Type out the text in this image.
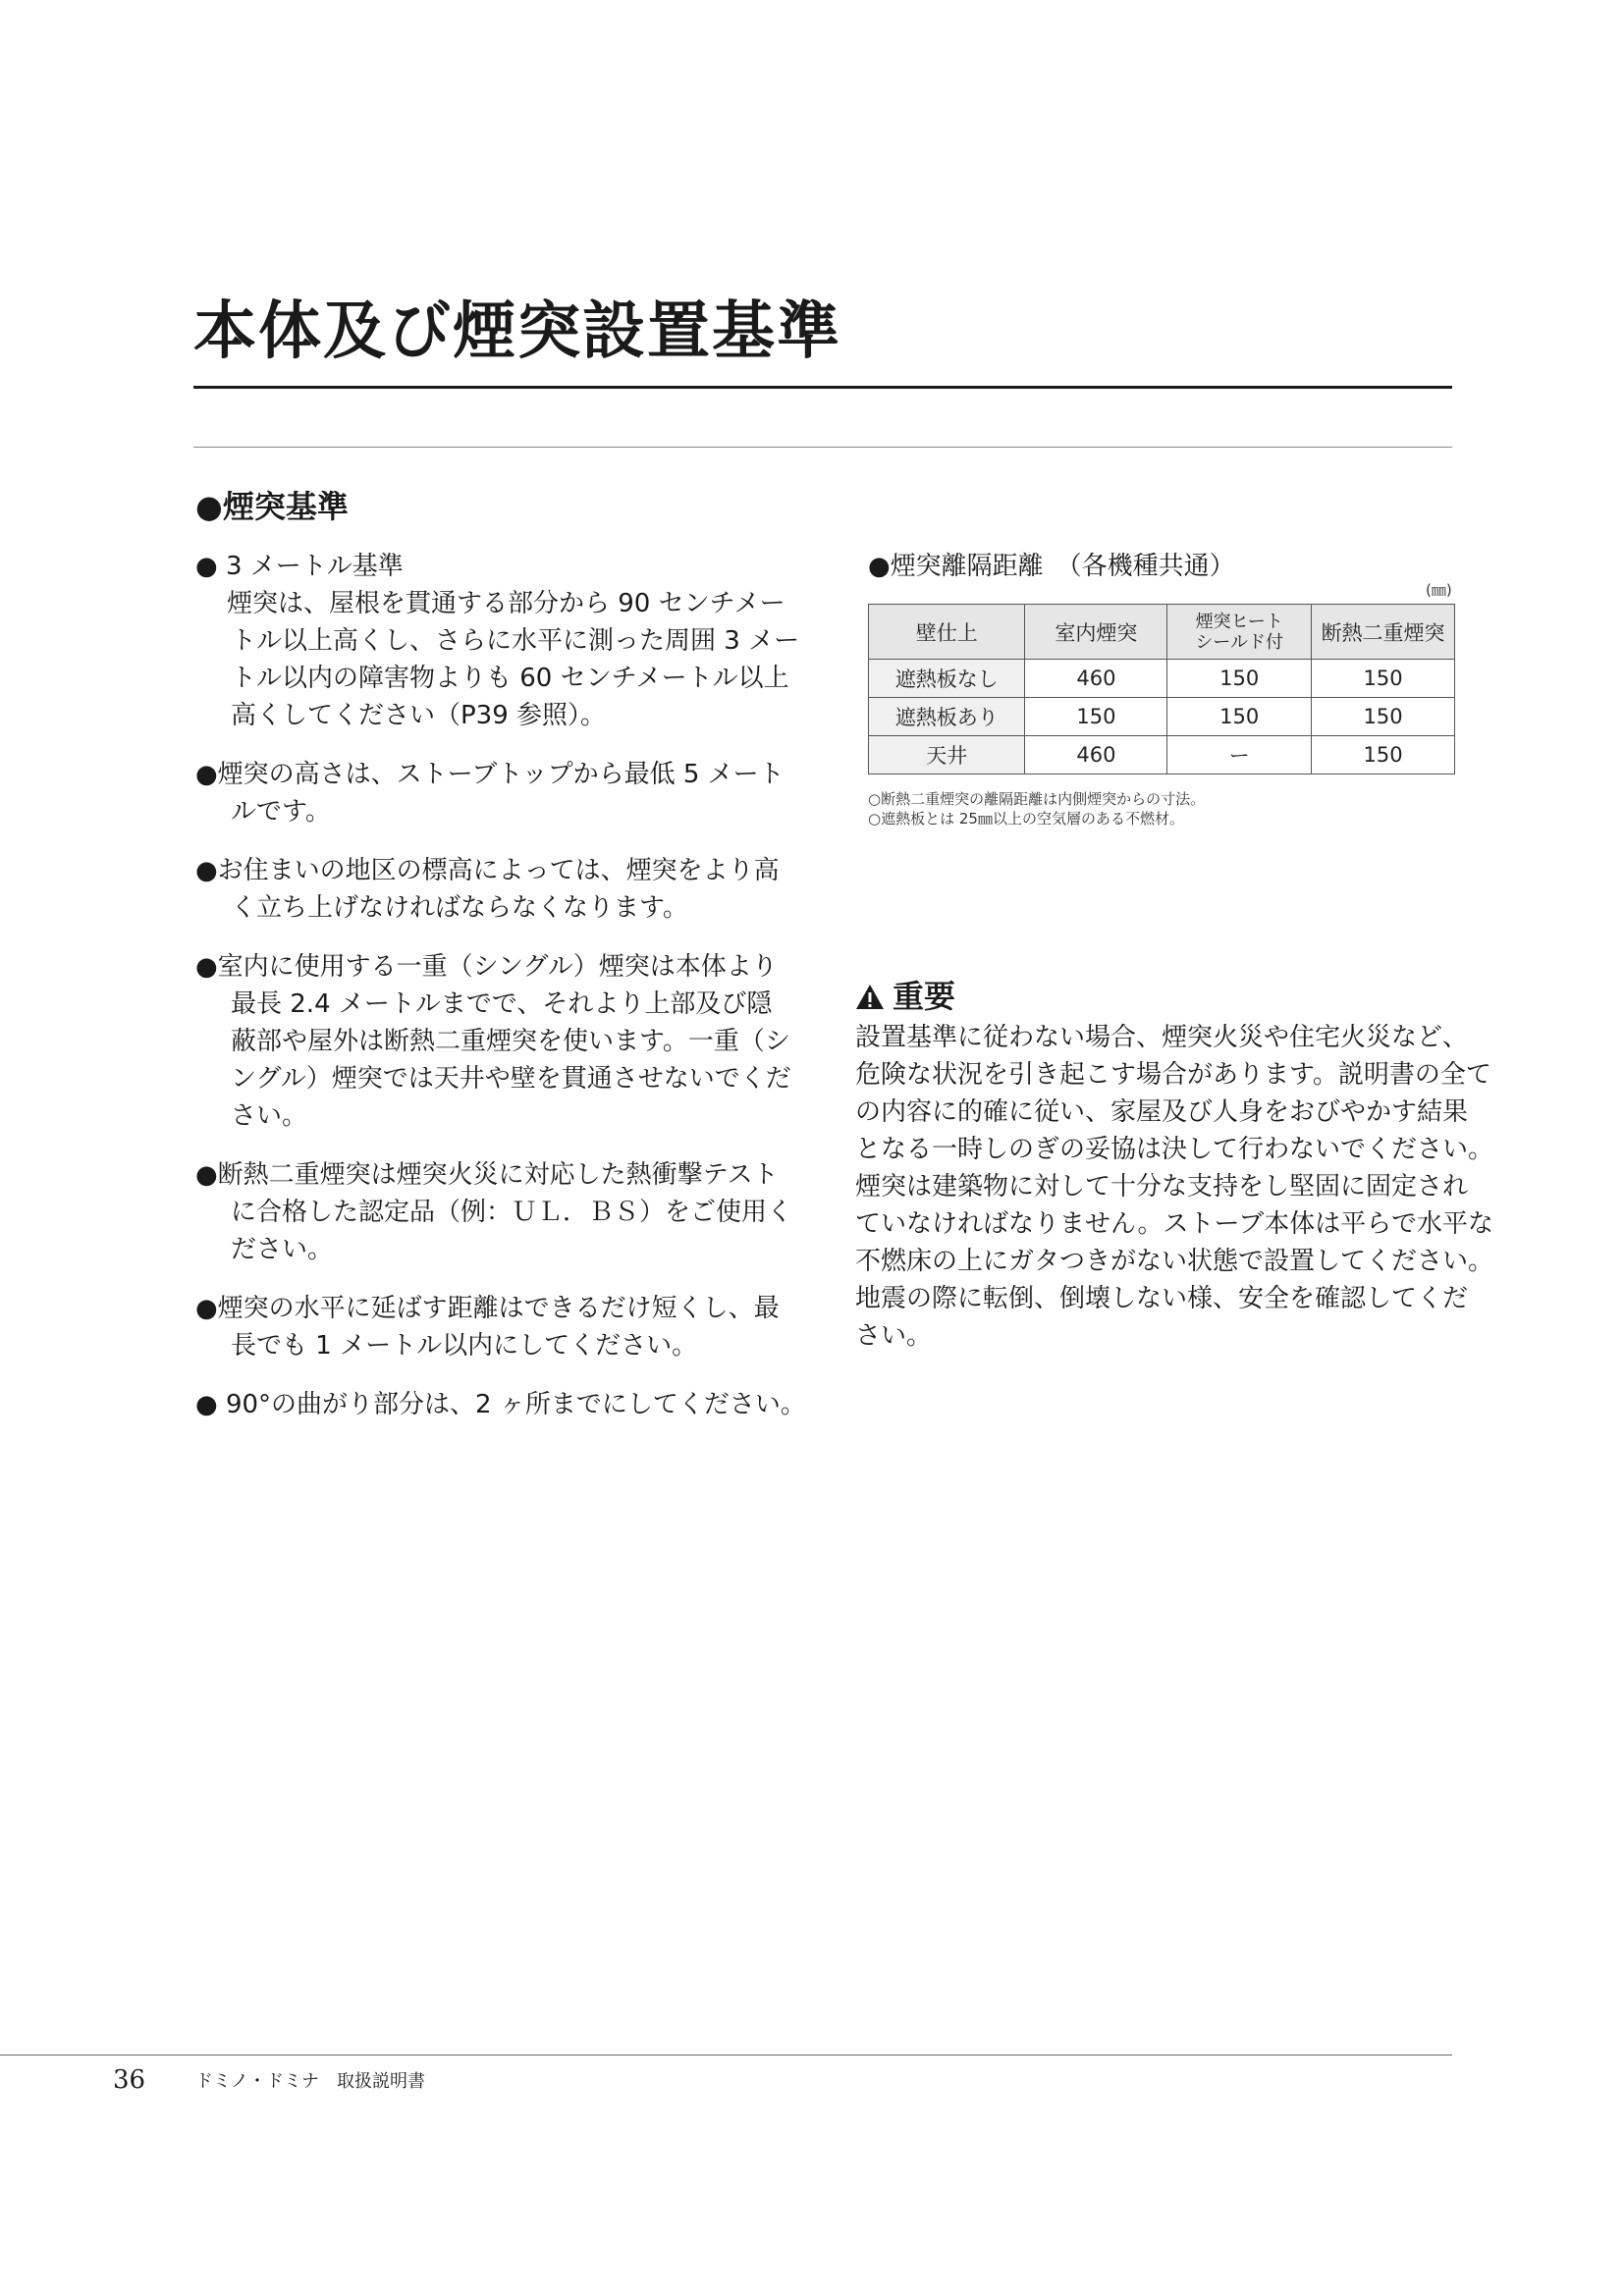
本体及び煙突設置基準
●煙突基準

● 3 メートル基準
煙突は、屋根を貫通する部分から 90 センチメー
トル以上高くし、さらに水平に測った周囲 3 メー
トル以内の障害物よりも 60 センチメートル以上
高くしてください（P39 参照）。

●煙突の高さは、ストーブトップから最低 5 メート
ルです。

●お住まいの地区の標高によっては、煙突をより高
く立ち上げなければならなくなります。

●室内に使用する一重（シングル）煙突は本体より
最長 2.4 メートルまでで、それより上部及び隠
蔽部や屋外は断熱二重煙突を使います。一重（シ
ングル）煙突では天井や壁を貫通させないでくだ
さい。

●断熱二重煙突は煙突火災に対応した熱衝撃テスト
に合格した認定品（例：ＵＬ．ＢＳ）をご使用く
ださい。

●煙突の水平に延ばす距離はできるだけ短くし、最
長でも 1 メートル以内にしてください。

● 90°の曲がり部分は、2 ヶ所までにしてください。

●煙突離隔距離　（各機種共通）
(㎜)
壁仕上	室内煙突	煙突ヒート
シールド付	断熱二重煙突
遮熱板なし	460	150	150
遮熱板あり	150	150	150
天井	460	ー	150
○断熱二重煙突の離隔距離は内側煙突からの寸法。
○遮熱板とは 25㎜以上の空気層のある不燃材。
重要
設置基準に従わない場合、煙突火災や住宅火災など、
危険な状況を引き起こす場合があります。説明書の全て
の内容に的確に従い、家屋及び人身をおびやかす結果
となる一時しのぎの妥協は決して行わないでください。
煙突は建築物に対して十分な支持をし堅固に固定され
ていなければなりません。ストーブ本体は平らで水平な
不燃床の上にガタつきがない状態で設置してください。
地震の際に転倒、倒壊しない様、安全を確認してくだ
さい。
36	ドミノ・ドミナ　取扱説明書
